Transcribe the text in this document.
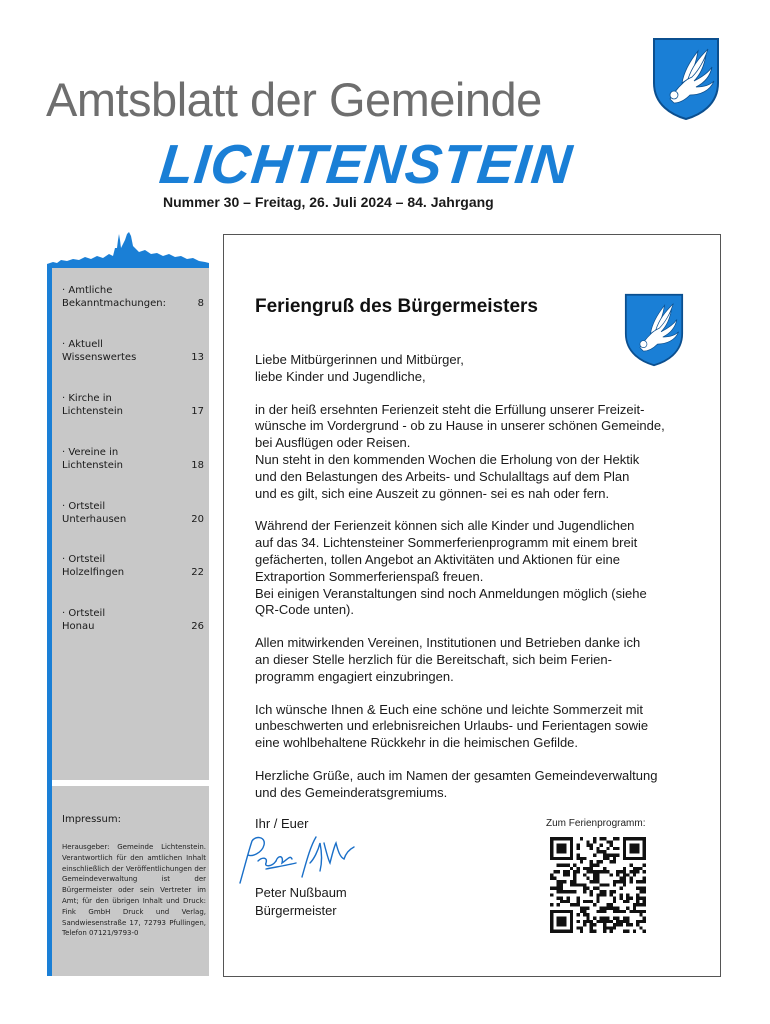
Amtsblatt der Gemeinde
LICHTENSTEIN
Nummer 30 – Freitag, 26. Juli 2024 – 84. Jahrgang
· Amtliche
Bekanntmachungen:	8
· Aktuell
Wissenswertes	13
· Kirche in
Lichtenstein	17
· Vereine in
Lichtenstein	18
· Ortsteil
Unterhausen	20
· Ortsteil
Holzelfingen	22
· Ortsteil
Honau	26
Impressum:
Herausgeber: Gemeinde Lichtenstein. Verantwortlich für den amtlichen Inhalt einschließlich der Veröffentlichungen der Gemeindeverwaltung ist der Bürgermeister oder sein Vertreter im Amt; für den übrigen Inhalt und Druck: Fink GmbH Druck und Verlag, Sandwiesenstraße 17, 72793 Pfullingen, Telefon 07121/9793-0
Feriengruß des Bürgermeisters

Liebe Mitbürgerinnen und Mitbürger,
liebe Kinder und Jugendliche,

in der heiß ersehnten Ferienzeit steht die Erfüllung unserer Freizeit-
wünsche im Vordergrund - ob zu Hause in unserer schönen Gemeinde,
bei Ausflügen oder Reisen.
Nun steht in den kommenden Wochen die Erholung von der Hektik
und den Belastungen des Arbeits- und Schulalltags auf dem Plan
und es gilt, sich eine Auszeit zu gönnen- sei es nah oder fern.

Während der Ferienzeit können sich alle Kinder und Jugendlichen
auf das 34. Lichtensteiner Sommerferienprogramm mit einem breit
gefächerten, tollen Angebot an Aktivitäten und Aktionen für eine
Extraportion Sommerferienspaß freuen.
Bei einigen Veranstaltungen sind noch Anmeldungen möglich (siehe
QR-Code unten).

Allen mitwirkenden Vereinen, Institutionen und Betrieben danke ich
an dieser Stelle herzlich für die Bereitschaft, sich beim Ferien-
programm engagiert einzubringen.

Ich wünsche Ihnen & Euch eine schöne und leichte Sommerzeit mit
unbeschwerten und erlebnisreichen Urlaubs- und Ferientagen sowie
eine wohlbehaltene Rückkehr in die heimischen Gefilde.

Herzliche Grüße, auch im Namen der gesamten Gemeindeverwaltung
und des Gemeinderatsgremiums.

Ihr / Euer
Peter Nußbaum
Bürgermeister
Zum Ferienprogramm:
